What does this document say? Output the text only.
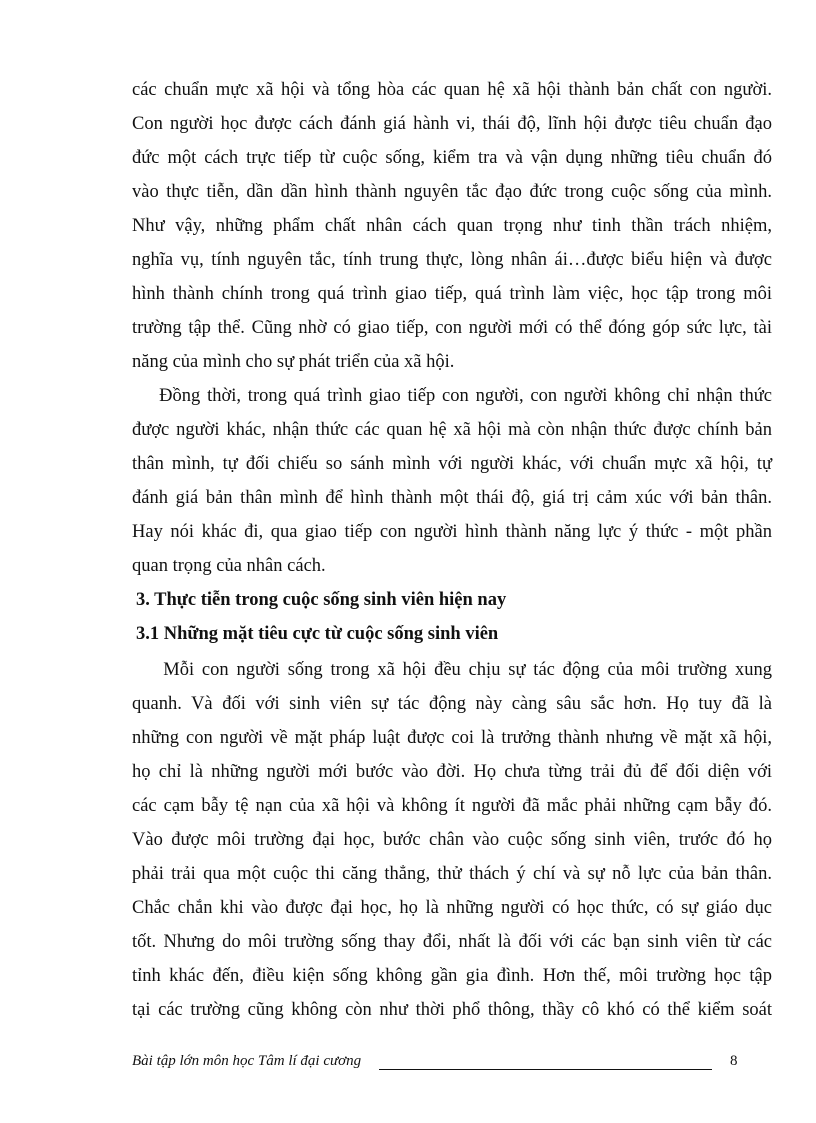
các chuẩn mực xã hội và tổng hòa các quan hệ xã hội thành bản chất con người.
Con người học được cách đánh giá hành vi, thái độ, lĩnh hội được tiêu chuẩn đạo
đức một cách trực tiếp từ cuộc sống, kiểm tra và vận dụng những tiêu chuẩn đó
vào thực tiễn, dần dần hình thành nguyên tắc đạo đức trong cuộc sống của mình.
Như vậy, những phẩm chất nhân cách quan trọng như tinh thần trách nhiệm,
nghĩa vụ, tính nguyên tắc, tính trung thực, lòng nhân ái…được biểu hiện và được
hình thành chính trong quá trình giao tiếp, quá trình làm việc, học tập trong môi
trường tập thể. Cũng nhờ có giao tiếp, con người mới có thể đóng góp sức lực, tài
năng của mình cho sự phát triển của xã hội.
Đồng thời, trong quá trình giao tiếp con người, con người không chỉ nhận thức
được người khác, nhận thức các quan hệ xã hội mà còn nhận thức được chính bản
thân mình, tự đối chiếu so sánh mình với người khác, với chuẩn mực xã hội, tự
đánh giá bản thân mình để hình thành một thái độ, giá trị cảm xúc với bản thân.
Hay nói khác đi, qua giao tiếp con người hình thành năng lực ý thức - một phần
quan trọng của nhân cách.
3. Thực tiễn trong cuộc sống sinh viên hiện nay
3.1 Những mặt tiêu cực từ cuộc sống sinh viên
Mỗi con người sống trong xã hội đều chịu sự tác động của môi trường xung
quanh. Và đối với sinh viên sự tác động này càng sâu sắc hơn. Họ tuy đã là
những con người về mặt pháp luật được coi là trưởng thành nhưng về mặt xã hội,
họ chỉ là những người mới bước vào đời. Họ chưa từng trải đủ để đối diện với
các cạm bẫy tệ nạn của xã hội và không ít người đã mắc phải những cạm bẫy đó.
Vào được môi trường đại học, bước chân vào cuộc sống sinh viên, trước đó họ
phải trải qua một cuộc thi căng thẳng, thử thách ý chí và sự nỗ lực của bản thân.
Chắc chắn khi vào được đại học, họ là những người có học thức, có sự giáo dục
tốt. Nhưng do môi trường sống thay đổi, nhất là đối với các bạn sinh viên từ các
tỉnh khác đến, điều kiện sống không gần gia đình. Hơn thế, môi trường học tập
tại các trường cũng không còn như thời phổ thông, thầy cô khó có thể kiểm soát
Bài tập lớn môn học Tâm lí đại cương	8
